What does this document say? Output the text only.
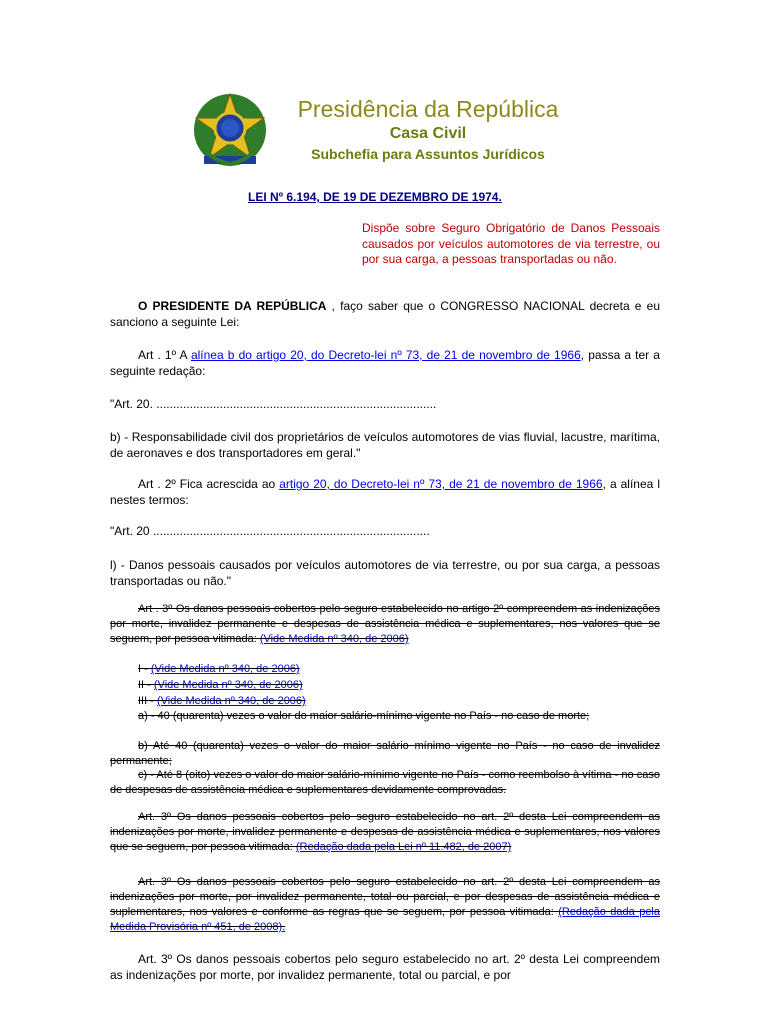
Presidência da República
Casa Civil
Subchefia para Assuntos Jurídicos
LEI Nº 6.194, DE 19 DE DEZEMBRO DE 1974.
Dispõe sobre Seguro Obrigatório de Danos Pessoais causados por veículos automotores de via terrestre, ou por sua carga, a pessoas transportadas ou não.
O PRESIDENTE DA REPÚBLICA , faço saber que o CONGRESSO NACIONAL decreta e eu sanciono a seguinte Lei:
Art . 1º A alínea b do artigo 20, do Decreto-lei nº 73, de 21 de novembro de 1966, passa a ter a seguinte redação:
"Art. 20. ....................................................................................
b) - Responsabilidade civil dos proprietários de veículos automotores de vias fluvial, lacustre, marítima, de aeronaves e dos transportadores em geral."
Art . 2º Fica acrescida ao artigo 20, do Decreto-lei nº 73, de 21 de novembro de 1966, a alínea l nestes termos:
"Art. 20 ...................................................................................
l) - Danos pessoais causados por veículos automotores de via terrestre, ou por sua carga, a pessoas transportadas ou não."
Art . 3º Os danos pessoais cobertos pelo seguro estabelecido no artigo 2º compreendem as indenizações por morte, invalidez permanente e despesas de assistência médica e suplementares, nos valores que se seguem, por pessoa vitimada: (Vide Medida nº 340, de 2006)
I - (Vide Medida nº 340, de 2006)
II - (Vide Medida nº 340, de 2006)
III - (Vide Medida nº 340, de 2006)
a) - 40 (quarenta) vezes o valor do maior salário-mínimo vigente no País - no caso de morte;
b) Até 40 (quarenta) vezes o valor do maior salário mínimo vigente no País - no caso de invalidez permanente;
c) - Até 8 (oito) vezes o valor do maior salário-mínimo vigente no País - como reembolso à vítima - no caso de despesas de assistência médica e suplementares devidamente comprovadas.
Art. 3º Os danos pessoais cobertos pelo seguro estabelecido no art. 2º desta Lei compreendem as indenizações por morte, invalidez permanente e despesas de assistência médica e suplementares, nos valores que se seguem, por pessoa vitimada: (Redação dada pela Lei nº 11.482, de 2007)
Art. 3º Os danos pessoais cobertos pelo seguro estabelecido no art. 2º desta Lei compreendem as indenizações por morte, por invalidez permanente, total ou parcial, e por despesas de assistência médica e suplementares, nos valores e conforme as regras que se seguem, por pessoa vitimada: (Redação dada pela Medida Provisória nº 451, de 2008).
Art. 3º Os danos pessoais cobertos pelo seguro estabelecido no art. 2º desta Lei compreendem as indenizações por morte, por invalidez permanente, total ou parcial, e por
